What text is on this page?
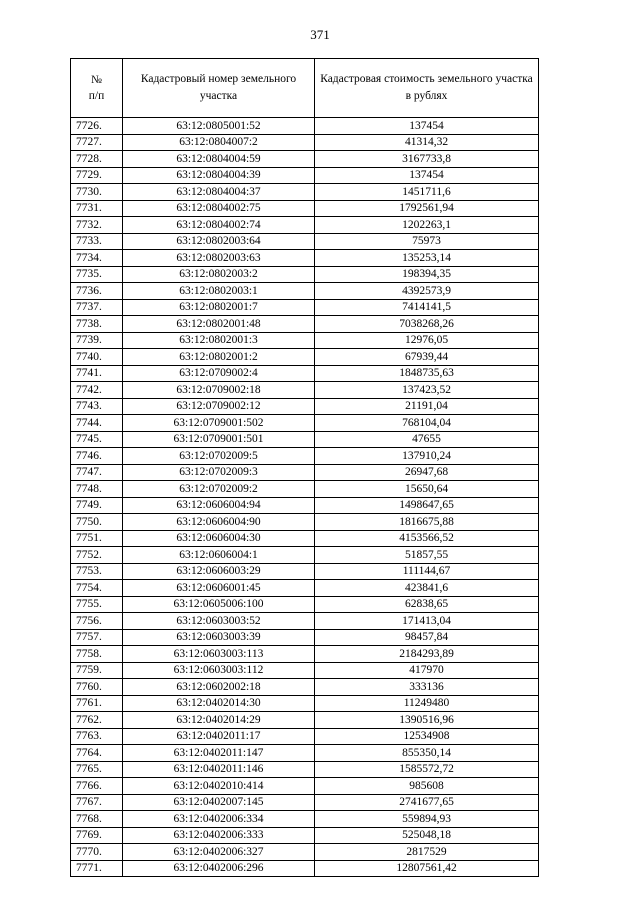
371
№
п/п	Кадастровый номер земельного участка	Кадастровая стоимость земельного участка в рублях
7726.	63:12:0805001:52	137454
7727.	63:12:0804007:2	41314,32
7728.	63:12:0804004:59	3167733,8
7729.	63:12:0804004:39	137454
7730.	63:12:0804004:37	1451711,6
7731.	63:12:0804002:75	1792561,94
7732.	63:12:0804002:74	1202263,1
7733.	63:12:0802003:64	75973
7734.	63:12:0802003:63	135253,14
7735.	63:12:0802003:2	198394,35
7736.	63:12:0802003:1	4392573,9
7737.	63:12:0802001:7	7414141,5
7738.	63:12:0802001:48	7038268,26
7739.	63:12:0802001:3	12976,05
7740.	63:12:0802001:2	67939,44
7741.	63:12:0709002:4	1848735,63
7742.	63:12:0709002:18	137423,52
7743.	63:12:0709002:12	21191,04
7744.	63:12:0709001:502	768104,04
7745.	63:12:0709001:501	47655
7746.	63:12:0702009:5	137910,24
7747.	63:12:0702009:3	26947,68
7748.	63:12:0702009:2	15650,64
7749.	63:12:0606004:94	1498647,65
7750.	63:12:0606004:90	1816675,88
7751.	63:12:0606004:30	4153566,52
7752.	63:12:0606004:1	51857,55
7753.	63:12:0606003:29	111144,67
7754.	63:12:0606001:45	423841,6
7755.	63:12:0605006:100	62838,65
7756.	63:12:0603003:52	171413,04
7757.	63:12:0603003:39	98457,84
7758.	63:12:0603003:113	2184293,89
7759.	63:12:0603003:112	417970
7760.	63:12:0602002:18	333136
7761.	63:12:0402014:30	11249480
7762.	63:12:0402014:29	1390516,96
7763.	63:12:0402011:17	12534908
7764.	63:12:0402011:147	855350,14
7765.	63:12:0402011:146	1585572,72
7766.	63:12:0402010:414	985608
7767.	63:12:0402007:145	2741677,65
7768.	63:12:0402006:334	559894,93
7769.	63:12:0402006:333	525048,18
7770.	63:12:0402006:327	2817529
7771.	63:12:0402006:296	12807561,42
